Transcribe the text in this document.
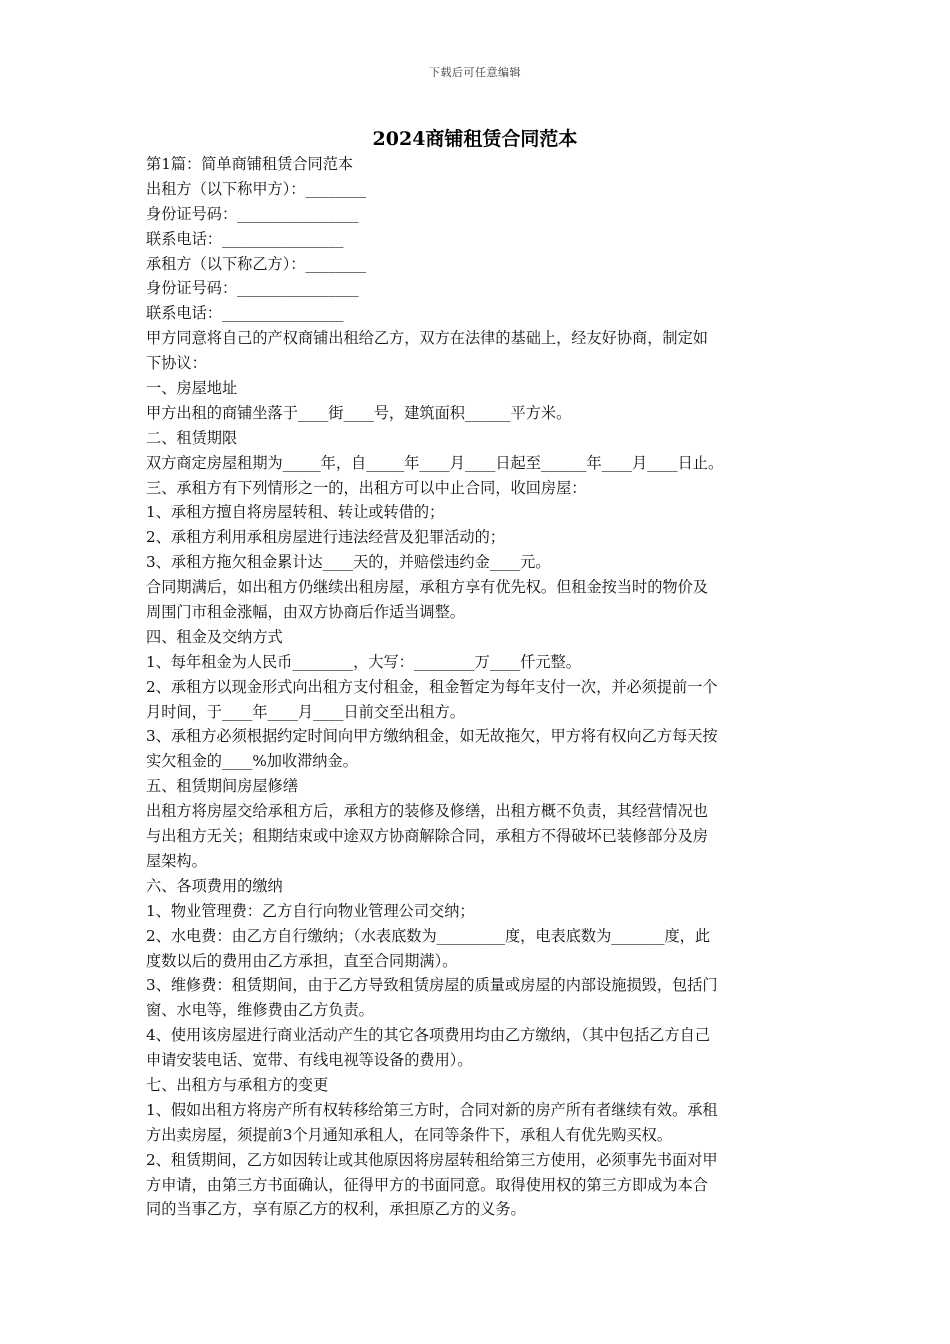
下载后可任意编辑
2024商铺租赁合同范本
第1篇：简单商铺租赁合同范本
出租方（以下称甲方）：________
身份证号码：________________
联系电话：________________
承租方（以下称乙方）：________
身份证号码：________________
联系电话：________________
甲方同意将自己的产权商铺出租给乙方，双方在法律的基础上，经友好协商，制定如
下协议：
一、房屋地址
甲方出租的商铺坐落于____街____号，建筑面积______平方米。
二、租赁期限
双方商定房屋租期为_____年，自_____年____月____日起至______年____月____日止。
三、承租方有下列情形之一的，出租方可以中止合同，收回房屋：
1、承租方擅自将房屋转租、转让或转借的；
2、承租方利用承租房屋进行违法经营及犯罪活动的；
3、承租方拖欠租金累计达____天的，并赔偿违约金____元。
合同期满后，如出租方仍继续出租房屋，承租方享有优先权。但租金按当时的物价及
周围门市租金涨幅，由双方协商后作适当调整。
四、租金及交纳方式
1、每年租金为人民币________，大写：________万____仟元整。
2、承租方以现金形式向出租方支付租金，租金暂定为每年支付一次，并必须提前一个
月时间，于____年____月____日前交至出租方。
3、承租方必须根据约定时间向甲方缴纳租金，如无故拖欠，甲方将有权向乙方每天按
实欠租金的____%加收滞纳金。
五、租赁期间房屋修缮
出租方将房屋交给承租方后，承租方的装修及修缮，出租方概不负责，其经营情况也
与出租方无关；租期结束或中途双方协商解除合同，承租方不得破坏已装修部分及房
屋架构。
六、各项费用的缴纳
1、物业管理费：乙方自行向物业管理公司交纳；
2、水电费：由乙方自行缴纳；（水表底数为_________度，电表底数为_______度，此
度数以后的费用由乙方承担，直至合同期满）。
3、维修费：租赁期间，由于乙方导致租赁房屋的质量或房屋的内部设施损毁，包括门
窗、水电等，维修费由乙方负责。
4、使用该房屋进行商业活动产生的其它各项费用均由乙方缴纳，（其中包括乙方自己
申请安装电话、宽带、有线电视等设备的费用）。
七、出租方与承租方的变更
1、假如出租方将房产所有权转移给第三方时，合同对新的房产所有者继续有效。承租
方出卖房屋，须提前3个月通知承租人，在同等条件下，承租人有优先购买权。
2、租赁期间，乙方如因转让或其他原因将房屋转租给第三方使用，必须事先书面对甲
方申请，由第三方书面确认，征得甲方的书面同意。取得使用权的第三方即成为本合
同的当事乙方，享有原乙方的权利，承担原乙方的义务。
